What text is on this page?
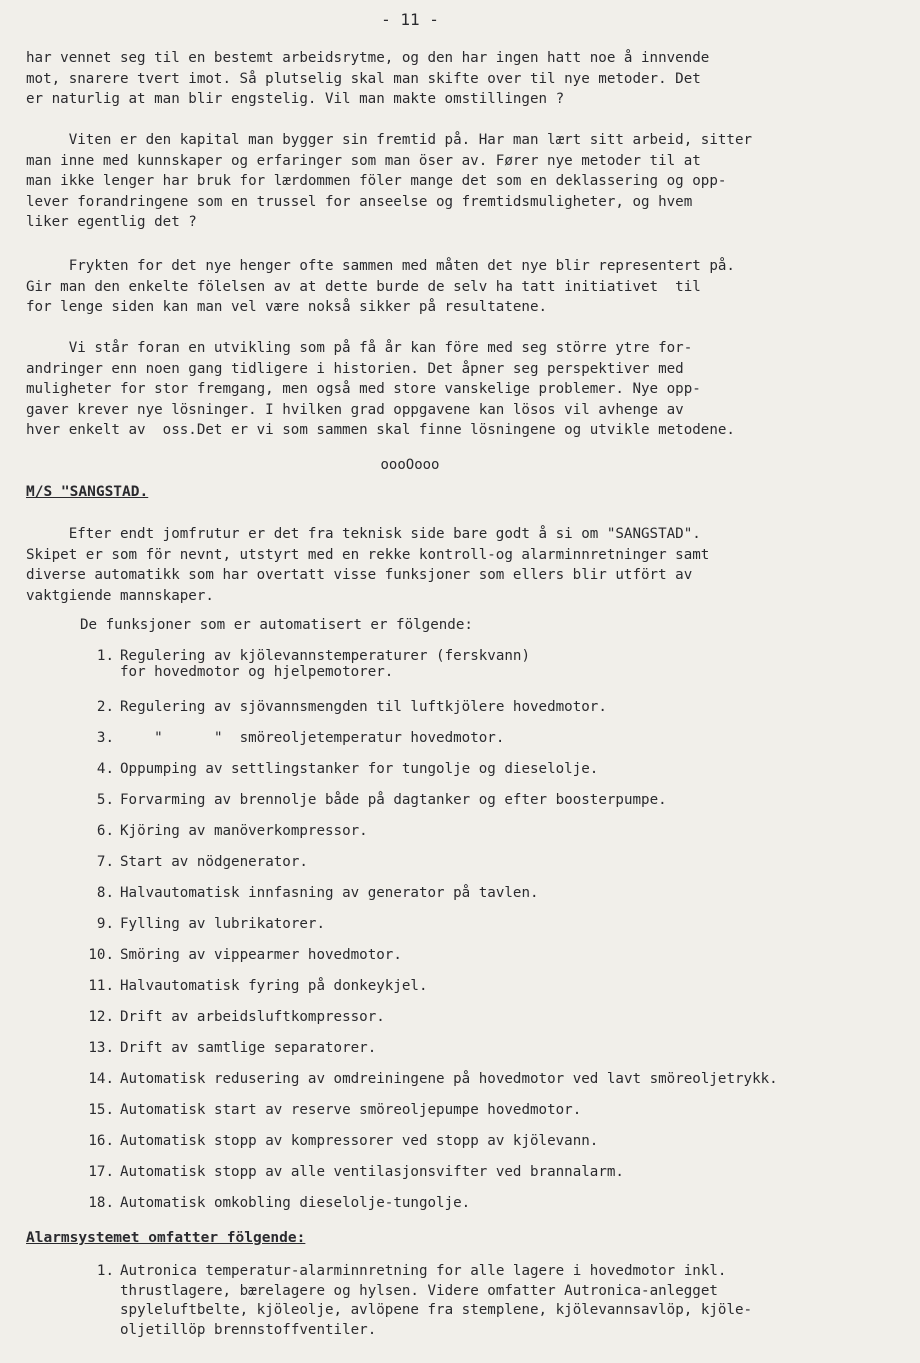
- 11 -

har vennet seg til en bestemt arbeidsrytme, og den har ingen hatt noe å innvende
mot, snarere tvert imot. Så plutselig skal man skifte over til nye metoder. Det
er naturlig at man blir engstelig. Vil man makte omstillingen ?

Viten er den kapital man bygger sin fremtid på. Har man lært sitt arbeid, sitter
man inne med kunnskaper og erfaringer som man öser av. Fører nye metoder til at
man ikke lenger har bruk for lærdommen föler mange det som en deklassering og opp-
lever forandringene som en trussel for anseelse og fremtidsmuligheter, og hvem
liker egentlig det ?

Frykten for det nye henger ofte sammen med måten det nye blir representert på.
Gir man den enkelte fölelsen av at dette burde de selv ha tatt initiativet  til
for lenge siden kan man vel være nokså sikker på resultatene.

Vi står foran en utvikling som på få år kan före med seg större ytre for-
andringer enn noen gang tidligere i historien. Det åpner seg perspektiver med
muligheter for stor fremgang, men også med store vanskelige problemer. Nye opp-
gaver krever nye lösninger. I hvilken grad oppgavene kan lösos vil avhenge av
hver enkelt av  oss.Det er vi som sammen skal finne lösningene og utvikle metodene.

oooOooo
M/S "SANGSTAD.

Efter endt jomfrutur er det fra teknisk side bare godt å si om "SANGSTAD".
Skipet er som för nevnt, utstyrt med en rekke kontroll-og alarminnretninger samt
diverse automatikk som har overtatt visse funksjoner som ellers blir utfört av
vaktgiende mannskaper.

De funksjoner som er automatisert er fölgende:
1. Regulering av kjölevannstemperaturer (ferskvann)
for hovedmotor og hjelpemotorer.
2. Regulering av sjövannsmengden til luftkjölere hovedmotor.
3.    "      "  smöreoljetemperatur hovedmotor.
4. Oppumping av settlingstanker for tungolje og dieselolje.
5. Forvarming av brennolje både på dagtanker og efter boosterpumpe.
6. Kjöring av manöverkompressor.
7. Start av nödgenerator.
8. Halvautomatisk innfasning av generator på tavlen.
9. Fylling av lubrikatorer.
10. Smöring av vippearmer hovedmotor.
11. Halvautomatisk fyring på donkeykjel.
12. Drift av arbeidsluftkompressor.
13. Drift av samtlige separatorer.
14. Automatisk redusering av omdreiningene på hovedmotor ved lavt smöreoljetrykk.
15. Automatisk start av reserve smöreoljepumpe hovedmotor.
16. Automatisk stopp av kompressorer ved stopp av kjölevann.
17. Automatisk stopp av alle ventilasjonsvifter ved brannalarm.
18. Automatisk omkobling dieselolje-tungolje.
Alarmsystemet omfatter fölgende:
1. Autronica temperatur-alarminnretning for alle lagere i hovedmotor inkl.
thrustlagere, bærelagere og hylsen. Videre omfatter Autronica-anlegget
spyleluftbelte, kjöleolje, avlöpene fra stemplene, kjölevannsavlöp, kjöle-
oljetillöp brennstoffventiler.
